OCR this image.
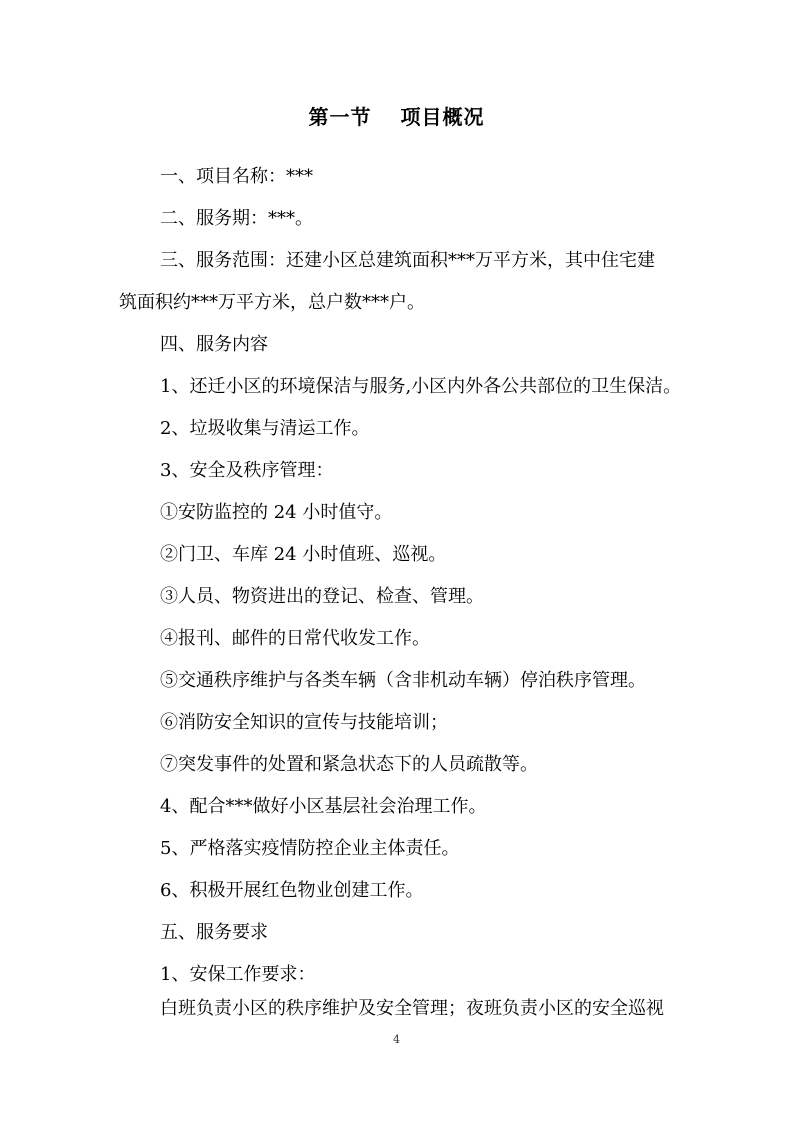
第一节　 项目概况
一、项目名称：***
二、服务期：***。
三、服务范围：还建小区总建筑面积***万平方米，其中住宅建
筑面积约***万平方米，总户数***户。
四、服务内容
1、还迁小区的环境保洁与服务,小区内外各公共部位的卫生保洁。
2、垃圾收集与清运工作。
3、安全及秩序管理：
①安防监控的 24 小时值守。
②门卫、车库 24 小时值班、巡视。
③人员、物资进出的登记、检查、管理。
④报刊、邮件的日常代收发工作。
⑤交通秩序维护与各类车辆（含非机动车辆）停泊秩序管理。
⑥消防安全知识的宣传与技能培训；
⑦突发事件的处置和紧急状态下的人员疏散等。
4、配合***做好小区基层社会治理工作。
5、严格落实疫情防控企业主体责任。
6、积极开展红色物业创建工作。
五、服务要求
1、安保工作要求：
白班负责小区的秩序维护及安全管理；夜班负责小区的安全巡视
4
